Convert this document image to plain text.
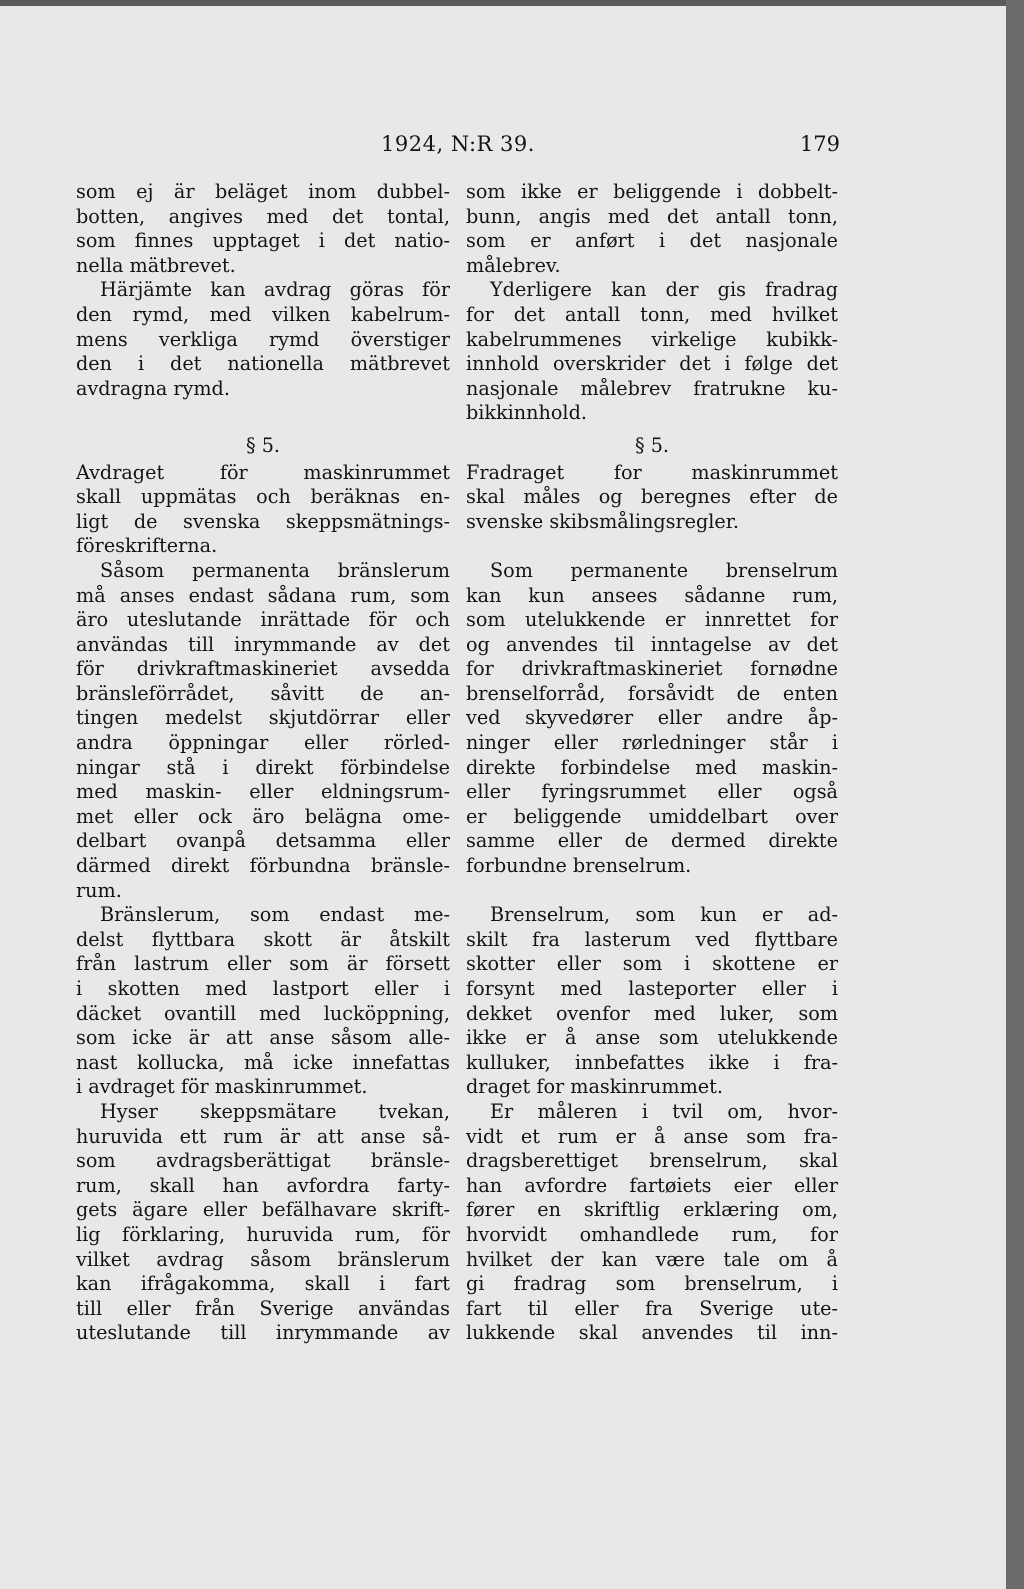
1924, N:R 39.	179
som ej är beläget inom dubbel-
botten, angives med det tontal,
som finnes upptaget i det natio-
nella mätbrevet.
Härjämte kan avdrag göras för
den rymd, med vilken kabelrum-
mens verkliga rymd överstiger
den i det nationella mätbrevet
avdragna rymd.
§ 5.
Avdraget för maskinrummet
skall uppmätas och beräknas en-
ligt de svenska skeppsmätnings-
föreskrifterna.
Såsom permanenta bränslerum
må anses endast sådana rum, som
äro uteslutande inrättade för och
användas till inrymmande av det
för drivkraftmaskineriet avsedda
bränsleförrådet, såvitt de an-
tingen medelst skjutdörrar eller
andra öppningar eller rörled-
ningar stå i direkt förbindelse
med maskin- eller eldningsrum-
met eller ock äro belägna ome-
delbart ovanpå detsamma eller
därmed direkt förbundna bränsle-
rum.
Bränslerum, som endast me-
delst flyttbara skott är åtskilt
från lastrum eller som är försett
i skotten med lastport eller i
däcket ovantill med lucköppning,
som icke är att anse såsom alle-
nast kollucka, må icke innefattas
i avdraget för maskinrummet.
Hyser skeppsmätare tvekan,
huruvida ett rum är att anse så-
som avdragsberättigat bränsle-
rum, skall han avfordra farty-
gets ägare eller befälhavare skrift-
lig förklaring, huruvida rum, för
vilket avdrag såsom bränslerum
kan ifrågakomma, skall i fart
till eller från Sverige användas
uteslutande till inrymmande av
som ikke er beliggende i dobbelt-
bunn, angis med det antall tonn,
som er anført i det nasjonale
målebrev.
Yderligere kan der gis fradrag
for det antall tonn, med hvilket
kabelrummenes virkelige kubikk-
innhold overskrider det i følge det
nasjonale målebrev fratrukne ku-
bikkinnhold.
§ 5.
Fradraget for maskinrummet
skal måles og beregnes efter de
svenske skibsmålingsregler.
Som permanente brenselrum
kan kun ansees sådanne rum,
som utelukkende er innrettet for
og anvendes til inntagelse av det
for drivkraftmaskineriet fornødne
brenselforråd, forsåvidt de enten
ved skyvedører eller andre åp-
ninger eller rørledninger står i
direkte forbindelse med maskin-
eller fyringsrummet eller også
er beliggende umiddelbart over
samme eller de dermed direkte
forbundne brenselrum.
Brenselrum, som kun er ad-
skilt fra lasterum ved flyttbare
skotter eller som i skottene er
forsynt med lasteporter eller i
dekket ovenfor med luker, som
ikke er å anse som utelukkende
kulluker, innbefattes ikke i fra-
draget for maskinrummet.
Er måleren i tvil om, hvor-
vidt et rum er å anse som fra-
dragsberettiget brenselrum, skal
han avfordre fartøiets eier eller
fører en skriftlig erklæring om,
hvorvidt omhandlede rum, for
hvilket der kan være tale om å
gi fradrag som brenselrum, i
fart til eller fra Sverige ute-
lukkende skal anvendes til inn-
